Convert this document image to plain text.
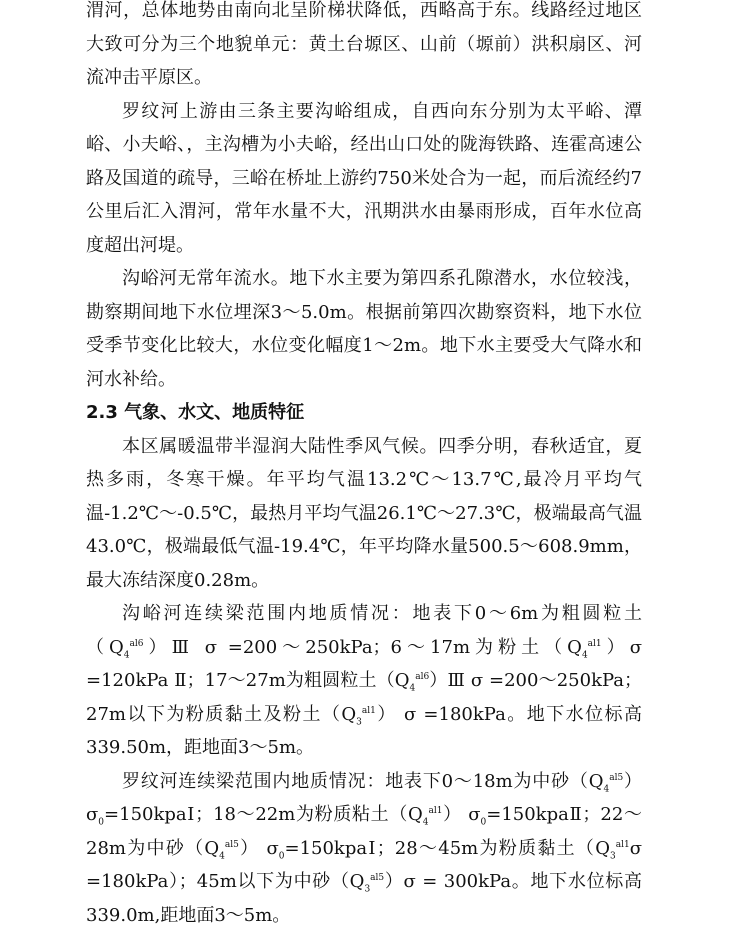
渭河，总体地势由南向北呈阶梯状降低，西略高于东。线路经过地区大致可分为三个地貌单元：黄土台塬区、山前（塬前）洪积扇区、河流冲击平原区。

罗纹河上游由三条主要沟峪组成，自西向东分别为太平峪、潭峪、小夫峪、，主沟槽为小夫峪，经出山口处的陇海铁路、连霍高速公路及国道的疏导，三峪在桥址上游约750米处合为一起，而后流经约7公里后汇入渭河，常年水量不大，汛期洪水由暴雨形成，百年水位高度超出河堤。

沟峪河无常年流水。地下水主要为第四系孔隙潜水，水位较浅，勘察期间地下水位埋深3～5.0m。根据前第四次勘察资料，地下水位受季节变化比较大，水位变化幅度1～2m。地下水主要受大气降水和河水补给。

2.3 气象、水文、地质特征

本区属暖温带半湿润大陆性季风气候。四季分明，春秋适宜，夏热多雨，冬寒干燥。年平均气温13.2℃～13.7℃,最冷月平均气温-1.2℃～-0.5℃，最热月平均气温26.1℃～27.3℃，极端最高气温43.0℃，极端最低气温-19.4℃，年平均降水量500.5～608.9mm，最大冻结深度0.28m。

沟峪河连续梁范围内地质情况：地表下0～6m为粗圆粒土$(Q_4^{al6})Ⅲ$ σ =200～250kPa；6～17m为粉土$(Q_4^{al1})\sigma =120kPa$ Ⅱ；17～27m为粗圆粒土$(Q_4^{al6})Ⅲ$ σ =200～250kPa；27m以下为粉质黏土及粉土$(Q_3^{al1})$ σ =180kPa。地下水位标高339.50m，距地面3～5m。

罗纹河连续梁范围内地质情况：地表下0～18m为中砂$(Q_4^{al5})$ $\sigma_0=150kpaⅠ$；18～22m为粉质粘土$(Q_4^{al1})$ $\sigma_0=150kpaⅡ$；22～28m为中砂$(Q_4^{al5})$ $\sigma_0=150kpaⅠ$；28～45m为粉质黏土$(Q_3^{al1}\sigma =180kPa)$；45m以下为中砂$(Q_3^{al5})\sigma = 300kPa$。地下水位标高339.0m,距地面3～5m。
